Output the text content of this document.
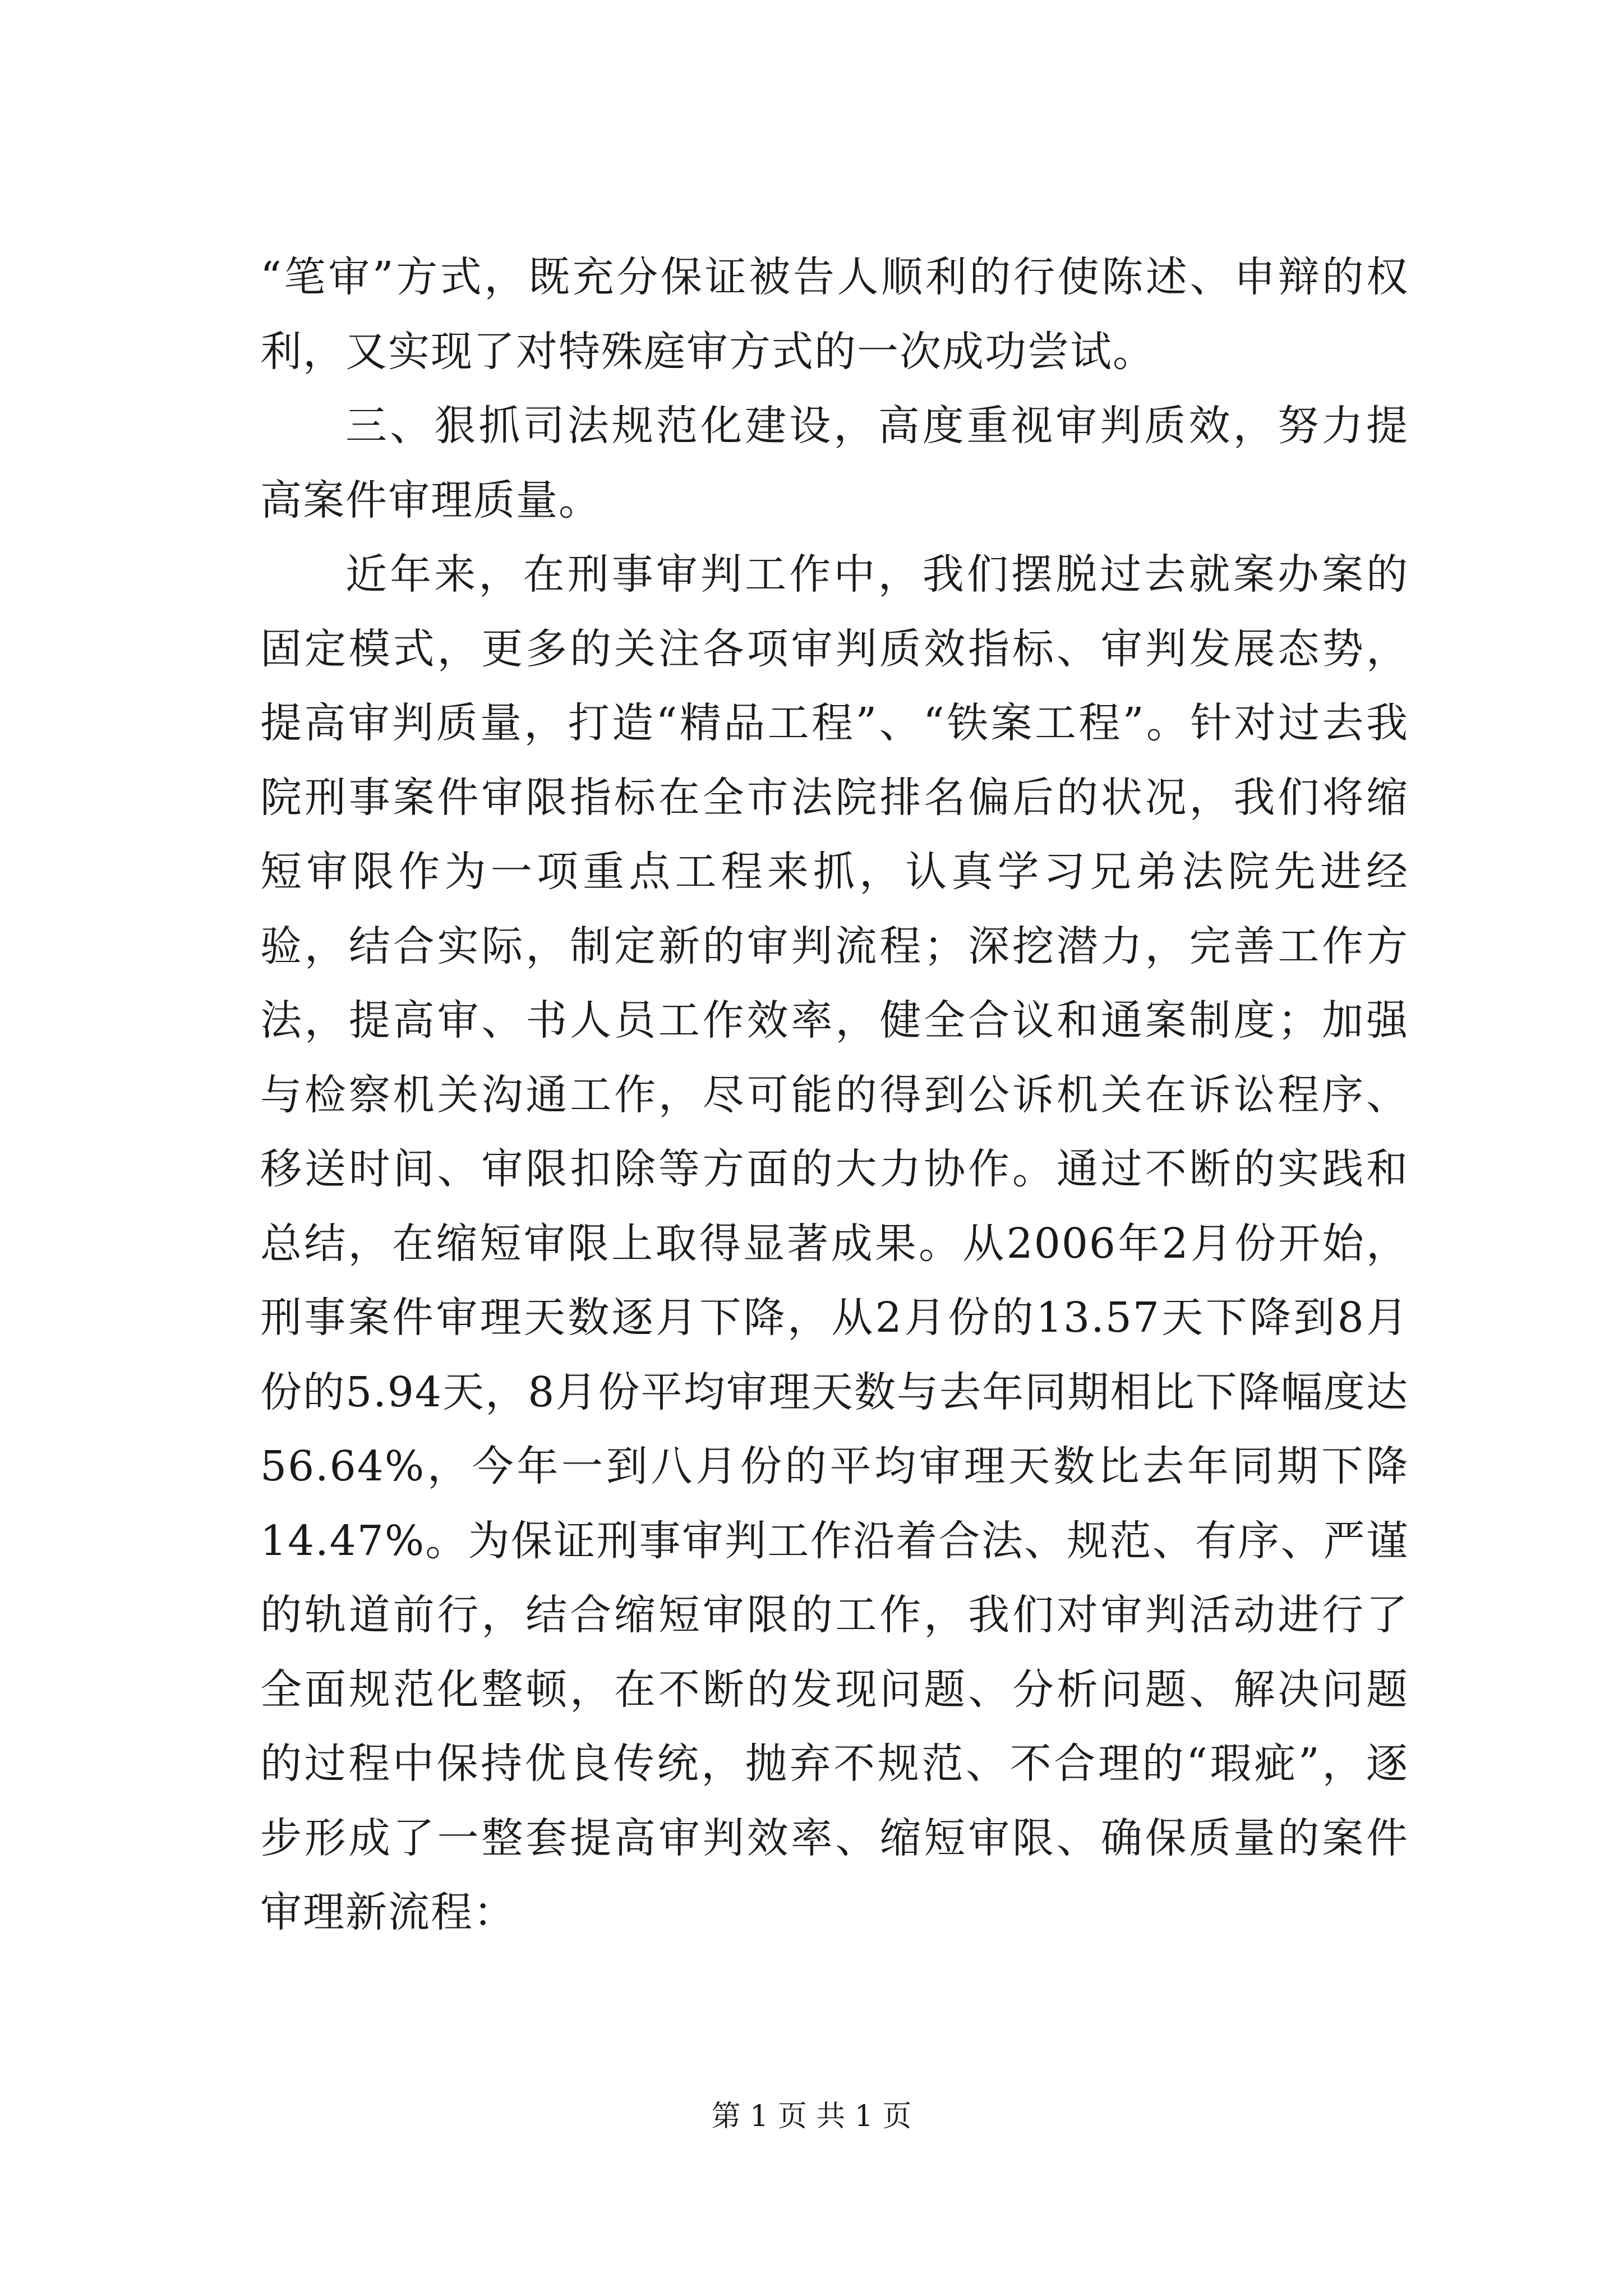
“笔审”方式，既充分保证被告人顺利的行使陈述、申辩的权利，又实现了对特殊庭审方式的一次成功尝试。

三、狠抓司法规范化建设，高度重视审判质效，努力提高案件审理质量。

近年来，在刑事审判工作中，我们摆脱过去就案办案的固定模式，更多的关注各项审判质效指标、审判发展态势，提高审判质量，打造“精品工程”、“铁案工程”。针对过去我院刑事案件审限指标在全市法院排名偏后的状况，我们将缩短审限作为一项重点工程来抓，认真学习兄弟法院先进经验，结合实际，制定新的审判流程；深挖潜力，完善工作方法，提高审、书人员工作效率，健全合议和通案制度；加强与检察机关沟通工作，尽可能的得到公诉机关在诉讼程序、移送时间、审限扣除等方面的大力协作。通过不断的实践和总结，在缩短审限上取得显著成果。从2006年2月份开始，刑事案件审理天数逐月下降，从2月份的13.57天下降到8月份的5.94天，8月份平均审理天数与去年同期相比下降幅度达56.64%，今年一到八月份的平均审理天数比去年同期下降14.47%。为保证刑事审判工作沿着合法、规范、有序、严谨的轨道前行，结合缩短审限的工作，我们对审判活动进行了全面规范化整顿，在不断的发现问题、分析问题、解决问题的过程中保持优良传统，抛弃不规范、不合理的“瑕疵”，逐步形成了一整套提高审判效率、缩短审限、确保质量的案件审理新流程：

第 1 页 共 1 页
